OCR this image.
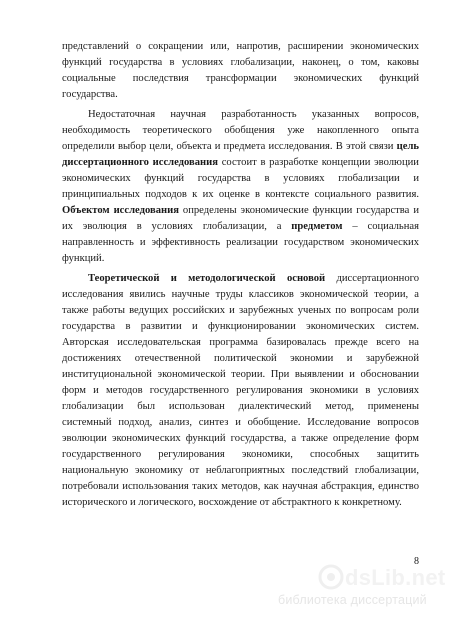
представлений о сокращении или, напротив, расширении экономических
функций государства в условиях глобализации, наконец, о том, каковы
социальные последствия трансформации экономических функций
государства.
Недостаточная научная разработанность указанных вопросов,
необходимость теоретического обобщения уже накопленного опыта
определили выбор цели, объекта и предмета исследования. В этой связи цель
диссертационного исследования состоит в разработке концепции эволюции
экономических функций государства в условиях глобализации и
принципиальных подходов к их оценке в контексте социального развития.
Объектом исследования определены экономические функции государства и
их эволюция в условиях глобализации, а предметом – социальная
направленность и эффективность реализации государством экономических
функций.
Теоретической и методологической основой диссертационного
исследования явились научные труды классиков экономической теории, а
также работы ведущих российских и зарубежных ученых по вопросам роли
государства в развитии и функционировании экономических систем.
Авторская исследовательская программа базировалась прежде всего на
достижениях отечественной политической экономии и зарубежной
институциональной экономической теории. При выявлении и обосновании
форм и методов государственного регулирования экономики в условиях
глобализации был использован диалектический метод, применены
системный подход, анализ, синтез и обобщение. Исследование вопросов
эволюции экономических функций государства, а также определение форм
государственного регулирования экономики, способных защитить
национальную экономику от неблагоприятных последствий глобализации,
потребовали использования таких методов, как научная абстракция, единство
исторического и логического, восхождение от абстрактного к конкретному.
8
dsLib.net
библиотека диссертаций
